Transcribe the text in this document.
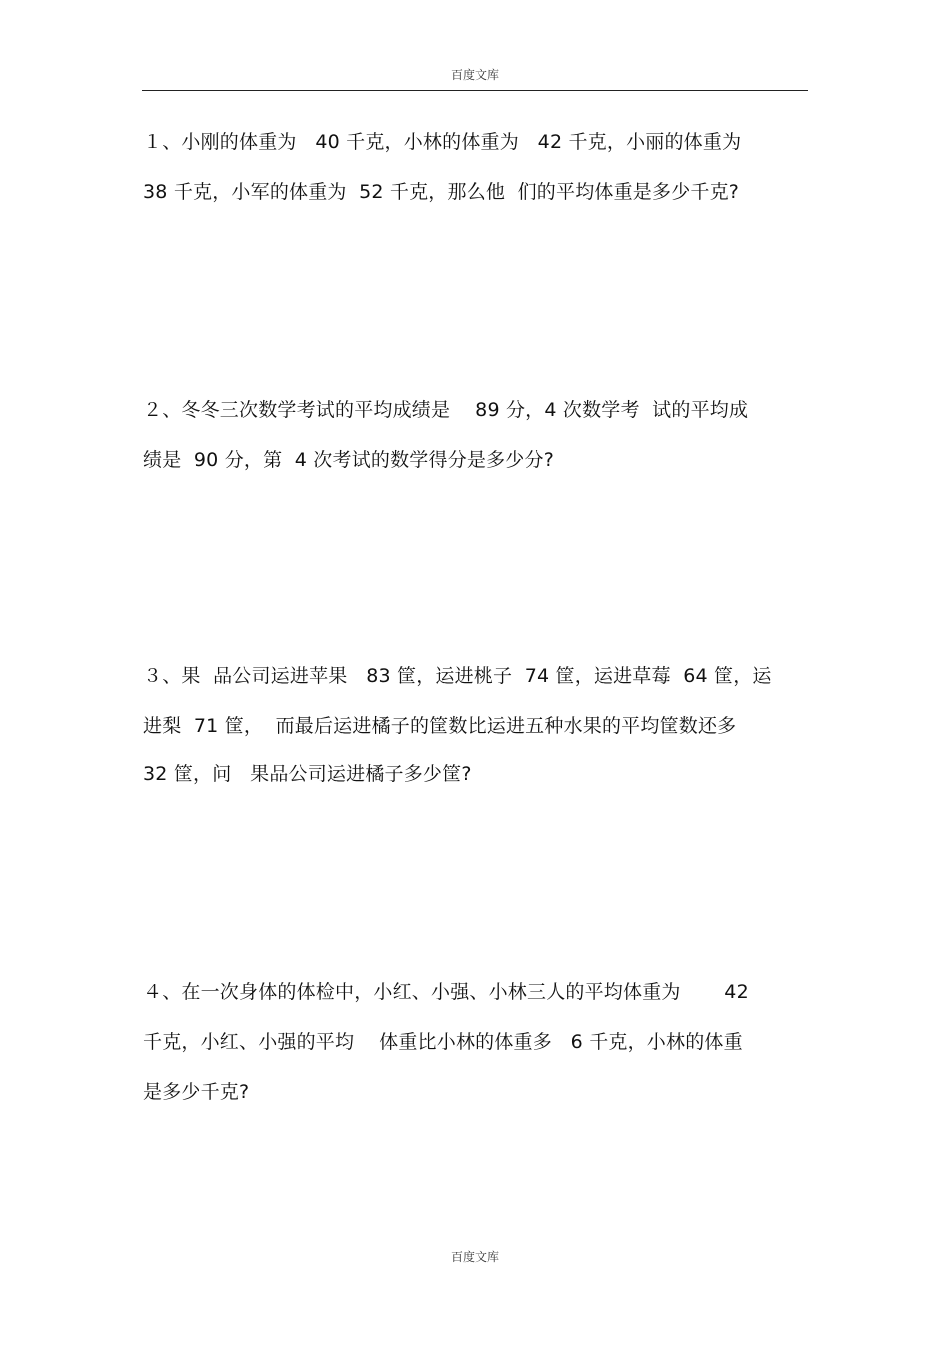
百度文库
１、小刚的体重为   40 千克，小林的体重为   42 千克，小丽的体重为
38 千克，小军的体重为  52 千克，那么他  们的平均体重是多少千克?
２、冬冬三次数学考试的平均成绩是    89 分，4 次数学考  试的平均成
绩是  90 分，第  4 次考试的数学得分是多少分?
３、果  品公司运进苹果   83 筐，运进桃子  74 筐，运进草莓  64 筐，运
进梨  71 筐，  而最后运进橘子的筐数比运进五种水果的平均筐数还多
32 筐，问   果品公司运进橘子多少筐?
４、在一次身体的体检中，小红、小强、小林三人的平均体重为       42
千克，小红、小强的平均    体重比小林的体重多   6 千克，小林的体重
是多少千克?
百度文库
